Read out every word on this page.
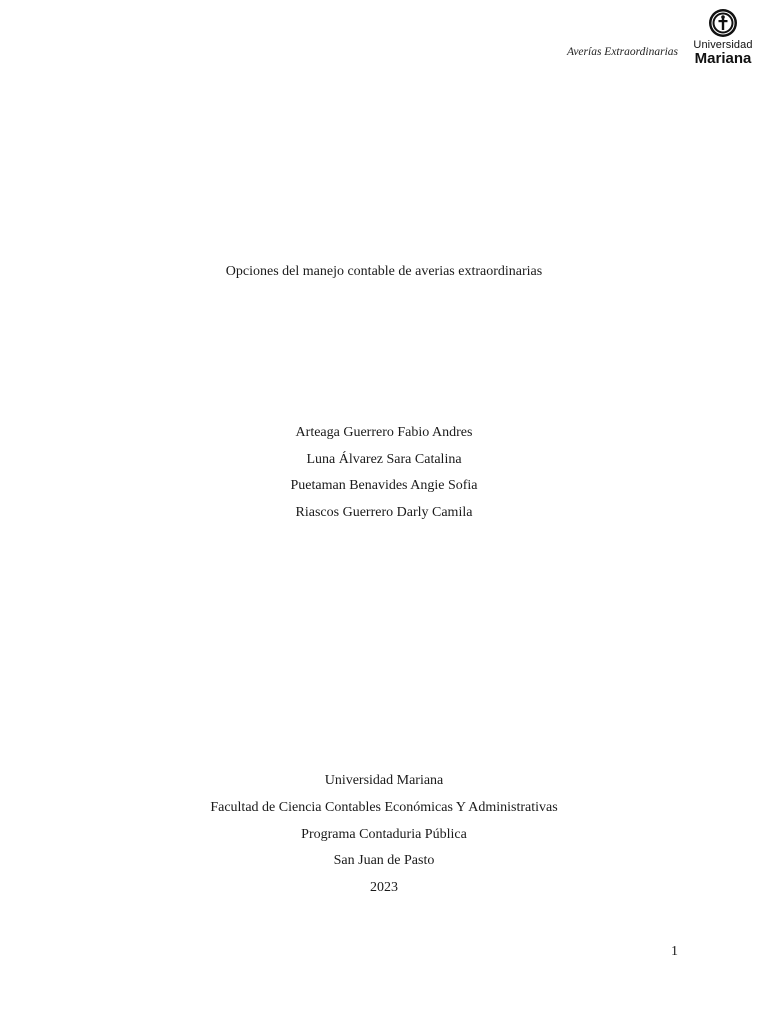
Averías Extraordinarias
Universidad
Mariana
Opciones del manejo contable de averias extraordinarias
Arteaga Guerrero Fabio Andres
Luna Álvarez Sara Catalina
Puetaman Benavides Angie Sofia
Riascos Guerrero Darly Camila
Universidad Mariana
Facultad de Ciencia Contables Económicas Y Administrativas
Programa Contaduria Pública
San Juan de Pasto
2023
1
